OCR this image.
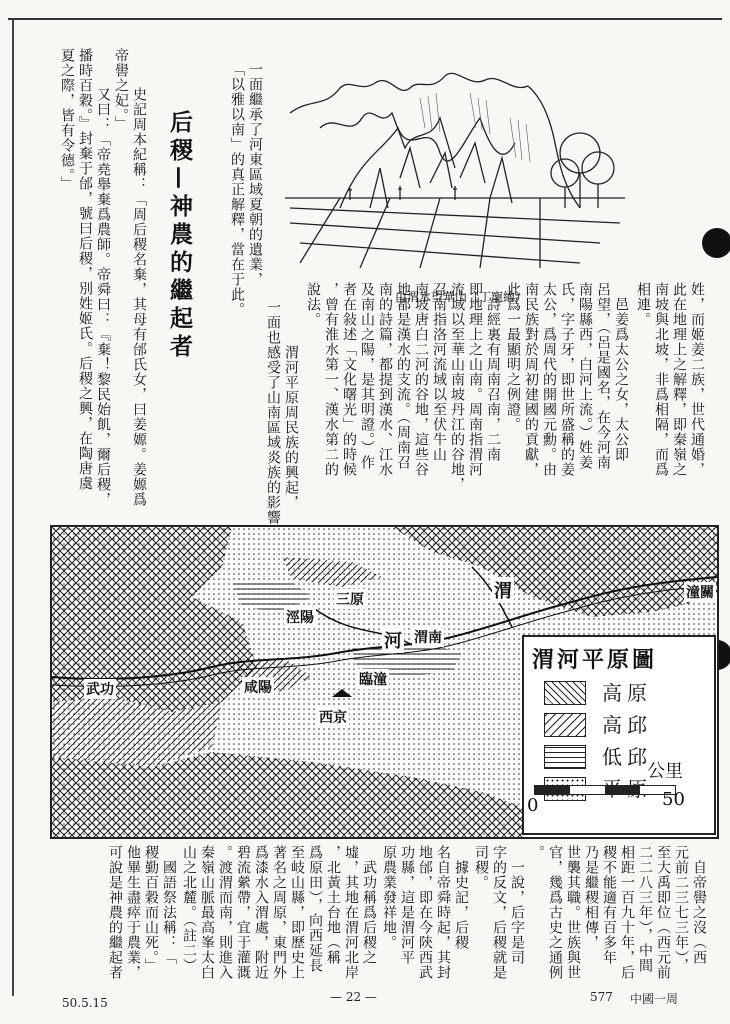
姓，而姬姜二族，世代通婚，
此在地理上之解釋，即秦嶺之
南坡與北坡，非爲相隔，而爲
相連。
　邑姜爲太公之女，太公即
呂望，（呂是國名，在今河南
南陽縣西，白河上流。）姓姜
氏，字子牙，即世所盛稱的姜
太公，爲周代的開國元勳。由
南民族對於周初建國的貢獻，
此爲一最顯明之例證。
　詩經裏有周南召南，二南
即地理上之山南。周南指渭河
流域以至華山南坡丹江的谷地，
召南指洛河流域以至伏牛山
南坡唐白二河的谷地，這些谷
地都是漢水的支流。（周南召
南的詩篇，都提到漢水、江水
及南山之陽，是其明證。）作
者在敍述「文化曙光」的時候
，曾有淮水第一、漢水第二的
說法。
　渭河平原周民族的興起，
一面也感受了山南區域炎族的影響
一面繼承了河東區域夏朝的遺業，
「以雅以南」的真正解釋，當在于此。
后稷—神農的繼起者
　史記周本紀稱：「周后稷名棄，其母有邰氏女，曰姜嫄。姜嫄爲
帝嚳之妃。」
　又曰：「帝堯舉棄爲農師。帝舜曰：『棄！黎民始飢，爾后稷，
播時百穀。』封棄于邰，號曰后稷，別姓姬氏。后稷之興，在陶唐虞
夏之際，皆有令德。」
由渭水望華山（丁寵繪）
潼關
三原
涇陽
咸陽
西京
臨潼
渭南
武功
渭
河
渭河平原圖
高原
高邱
低邱
公里
0	50
　自帝嚳之沒（西
元前二三七三年），
至大禹即位（西元前
二二八三年），中間
相距一百九十年，后
稷不能適有百多年
乃是繼稷相傳，
世襲其職。世族與世
官，幾爲古史之通例
。
　一說，后字是司
字的反文，后稷就是
司稷。
　據史記，后稷
名自帝舜時起，其封
地邰，即在今陝西武
功縣，這是渭河平
原農業發祥地。
　武功稱爲后稷之
墟，其地在渭河北岸
，北黃土台地（稱
爲原田），向西延長
至岐山縣，即歷史上
著名之周原，東門外
爲漆水入渭處，附近
碧流縈帶，宜于灌溉
。渡渭而南，則進入
秦嶺山脈最高峯太白
山之北麓。（註二）
　國語祭法稱：「
稷勤百穀而山死。」
他畢生盡瘁于農業，
可說是神農的繼起者
50.5.15	— 22 —	577 中國一周
